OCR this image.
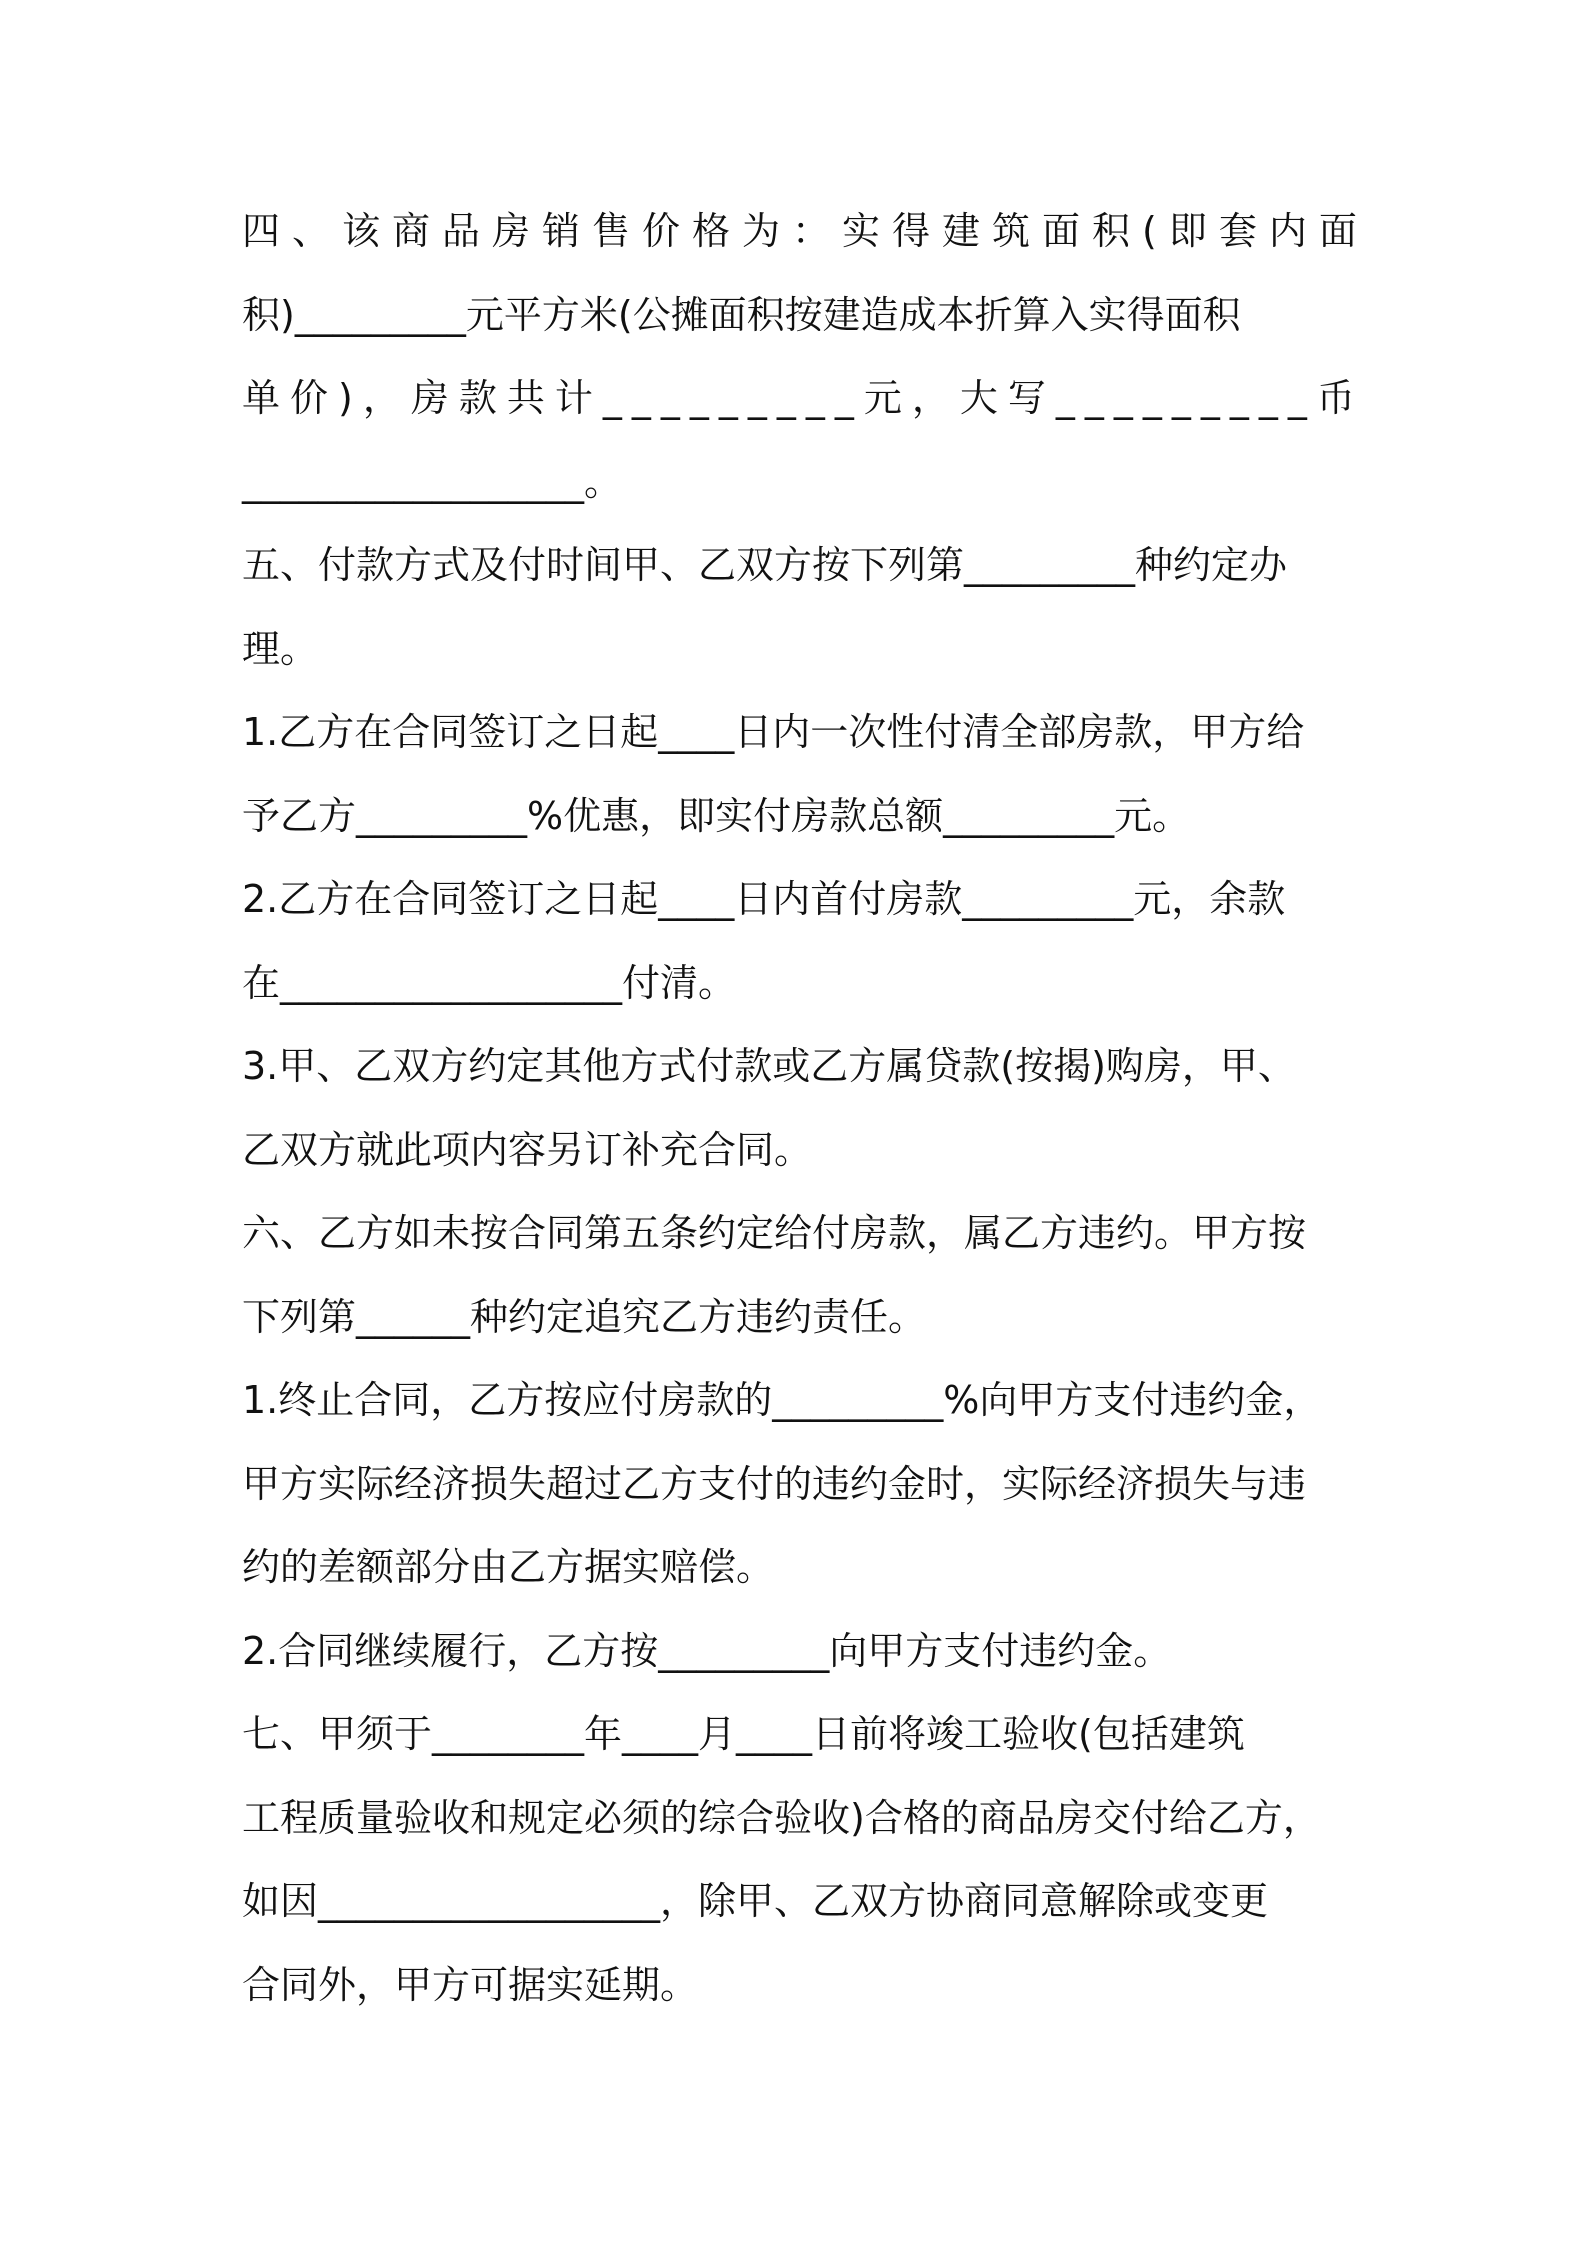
四、该商品房销售价格为：实得建筑面积(即套内面
积)_________元平方米(公摊面积按建造成本折算入实得面积
单价)，房款共计_________元，大写_________币
__________________。
五、付款方式及付时间甲、乙双方按下列第_________种约定办
理。
1.乙方在合同签订之日起____日内一次性付清全部房款，甲方给
予乙方_________%优惠，即实付房款总额_________元。
2.乙方在合同签订之日起____日内首付房款_________元，余款
在__________________付清。
3.甲、乙双方约定其他方式付款或乙方属贷款(按揭)购房，甲、
乙双方就此项内容另订补充合同。
六、乙方如未按合同第五条约定给付房款，属乙方违约。甲方按
下列第______种约定追究乙方违约责任。
1.终止合同，乙方按应付房款的_________%向甲方支付违约金，
甲方实际经济损失超过乙方支付的违约金时，实际经济损失与违
约的差额部分由乙方据实赔偿。
2.合同继续履行，乙方按_________向甲方支付违约金。
七、甲须于________年____月____日前将竣工验收(包括建筑
工程质量验收和规定必须的综合验收)合格的商品房交付给乙方，
如因__________________，除甲、乙双方协商同意解除或变更
合同外，甲方可据实延期。
